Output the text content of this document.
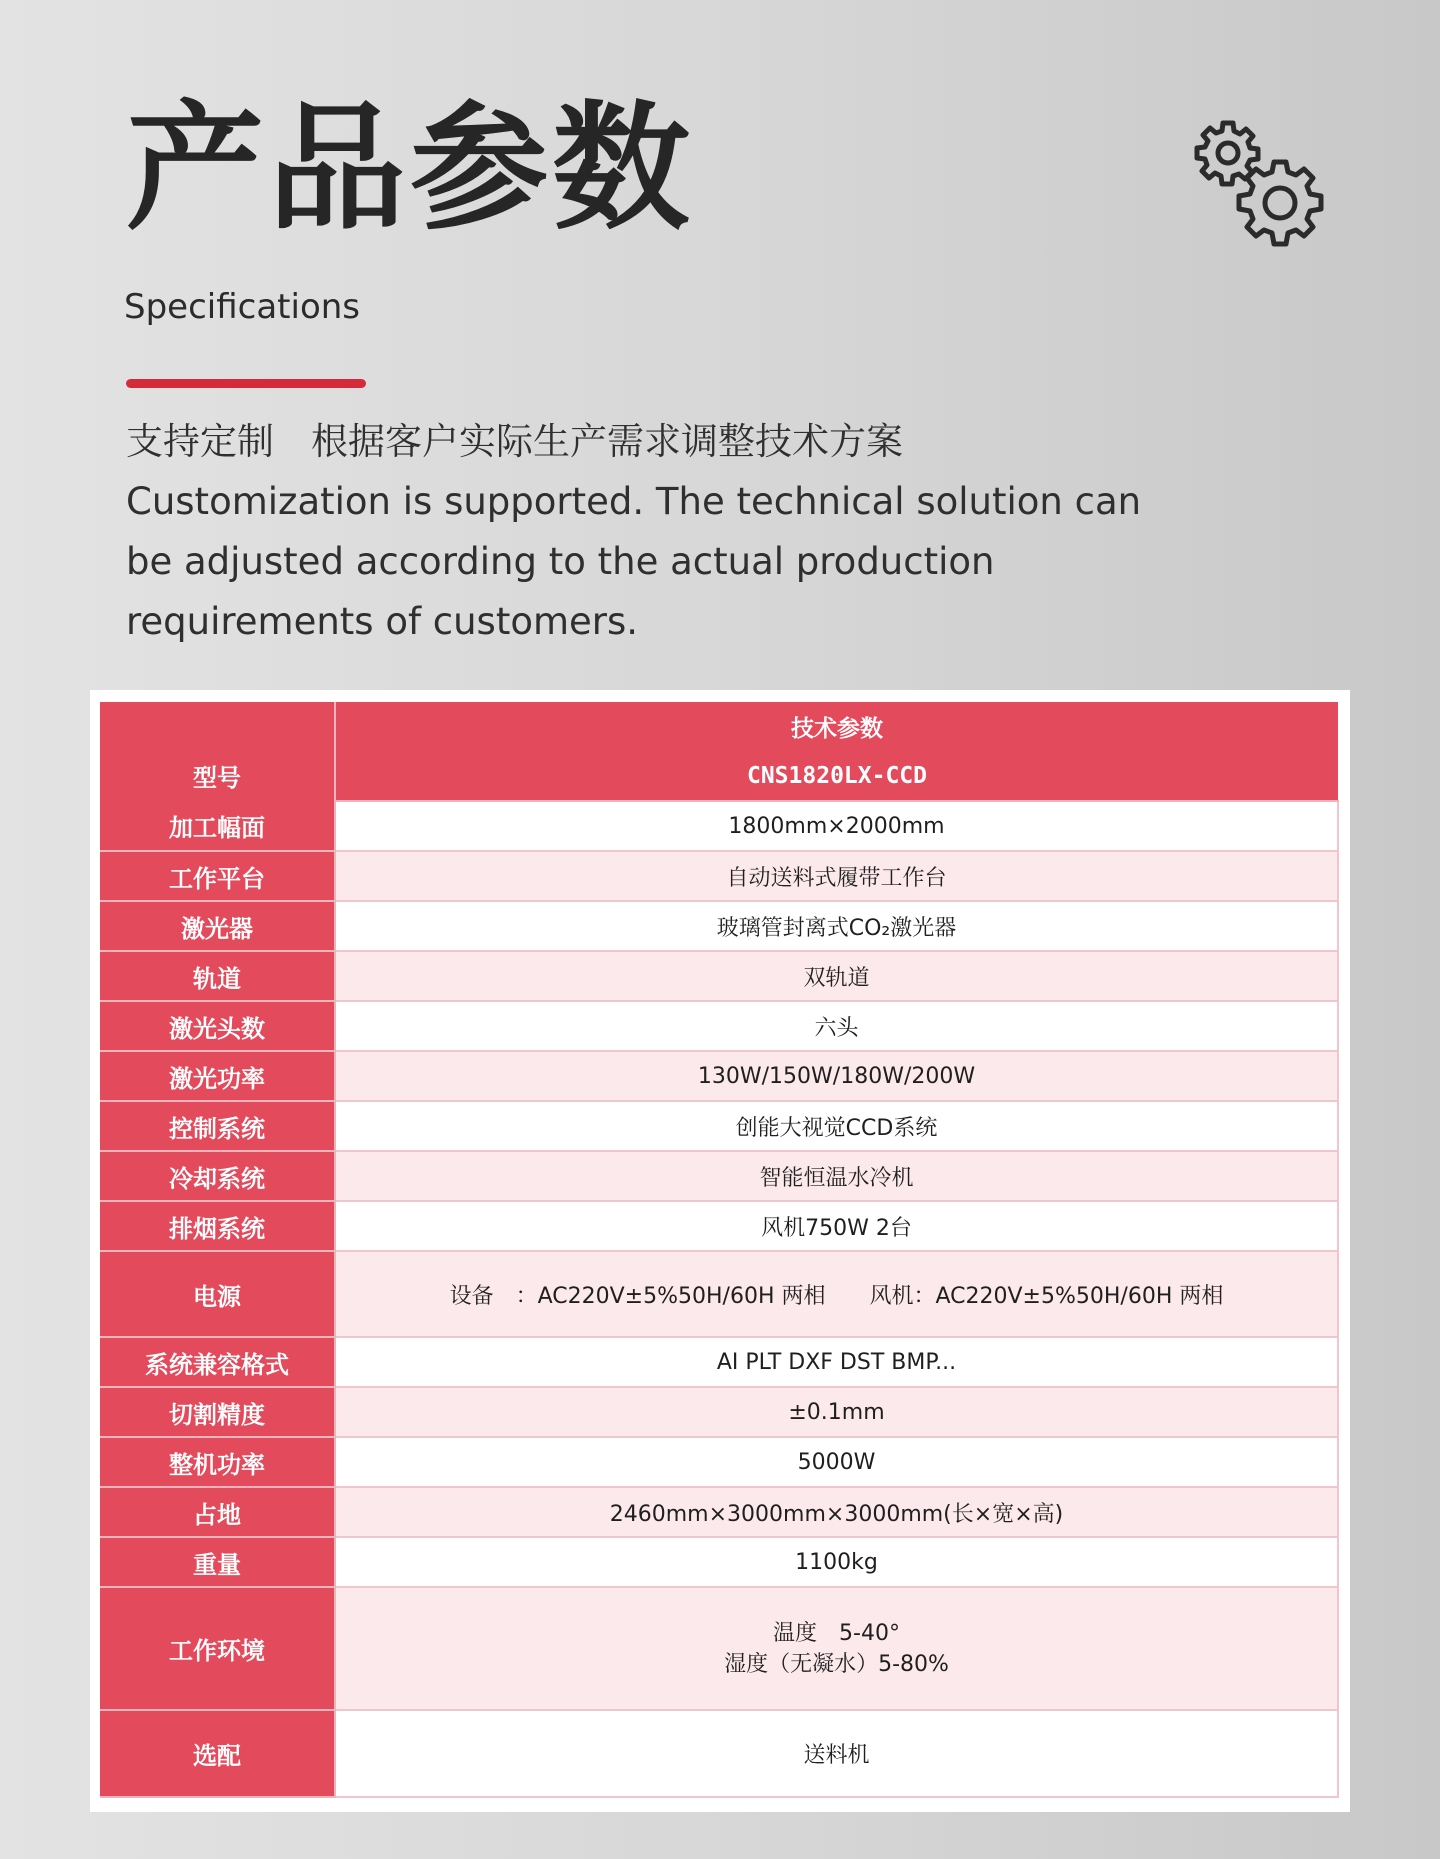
产品参数
Specifications

支持定制　根据客户实际生产需求调整技术方案

Customization is supported. The technical solution can

be adjusted according to the actual production

requirements of customers.

型号	技术参数
	CNS1820LX-CCD
加工幅面	1800mm×2000mm
工作平台	自动送料式履带工作台
激光器	玻璃管封离式CO₂激光器
轨道	双轨道
激光头数	六头
激光功率	130W/150W/180W/200W
控制系统	创能大视觉CCD系统
冷却系统	智能恒温水冷机
排烟系统	风机750W 2台
电源	设备　：AC220V±5%50H/60H 两相　　风机：AC220V±5%50H/60H 两相
系统兼容格式	AI PLT DXF DST BMP...
切割精度	±0.1mm
整机功率	5000W
占地	2460mm×3000mm×3000mm(长×宽×高)
重量	1100kg
工作环境	温度　5-40°
湿度（无凝水）5-80%

选配	送料机
